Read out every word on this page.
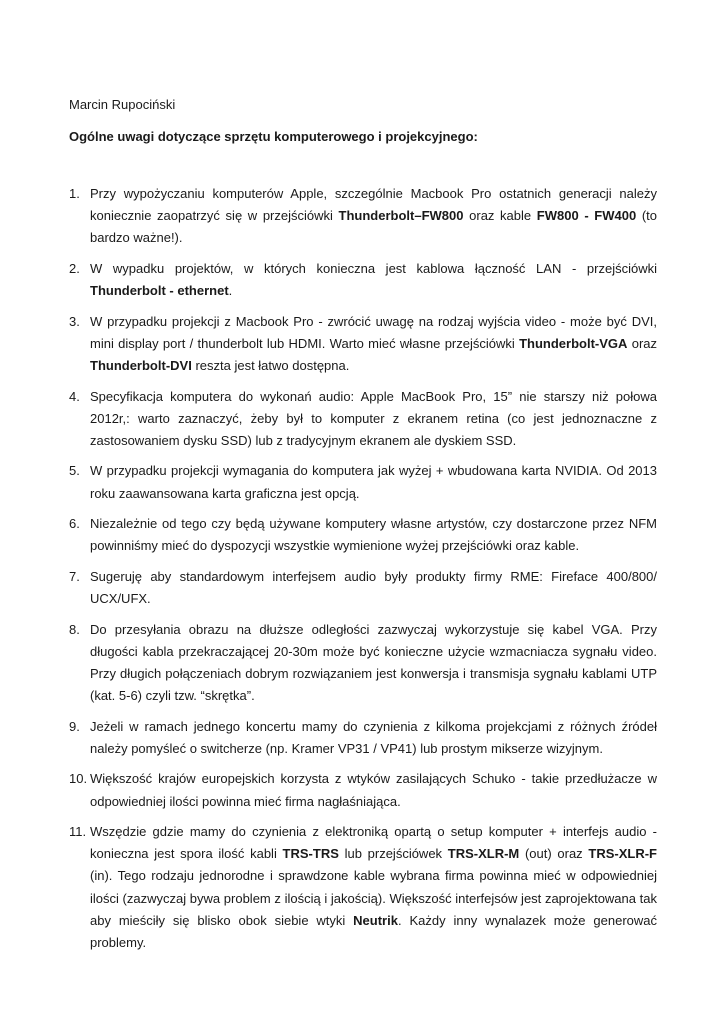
Marcin Rupociński

Ogólne uwagi dotyczące sprzętu komputerowego i projekcyjnego:

1. Przy wypożyczaniu komputerów Apple, szczególnie Macbook Pro ostatnich generacji należy koniecznie zaopatrzyć się w przejściówki Thunderbolt–FW800 oraz kable FW800 - FW400 (to bardzo ważne!).
2. W wypadku projektów, w których konieczna jest kablowa łączność LAN - przejściówki Thunderbolt - ethernet.
3. W przypadku projekcji z Macbook Pro - zwrócić uwagę na rodzaj wyjścia video - może być DVI, mini display port / thunderbolt lub HDMI. Warto mieć własne przejściówki Thunderbolt-VGA oraz Thunderbolt-DVI reszta jest łatwo dostępna.
4. Specyfikacja komputera do wykonań audio: Apple MacBook Pro, 15” nie starszy niż połowa 2012r,: warto zaznaczyć, żeby był to komputer z ekranem retina (co jest jednoznaczne z zastosowaniem dysku SSD) lub z tradycyjnym ekranem ale dyskiem SSD.
5. W przypadku projekcji wymagania do komputera jak wyżej + wbudowana karta NVIDIA. Od 2013 roku zaawansowana karta graficzna jest opcją.
6. Niezależnie od tego czy będą używane komputery własne artystów, czy dostarczone przez NFM powinniśmy mieć do dyspozycji wszystkie wymienione wyżej przejściówki oraz kable.
7. Sugeruję aby standardowym interfejsem audio były produkty firmy RME: Fireface 400/800/ UCX/UFX.
8. Do przesyłania obrazu na dłuższe odległości zazwyczaj wykorzystuje się kabel VGA. Przy długości kabla przekraczającej 20-30m może być konieczne użycie wzmacniacza sygnału video. Przy długich połączeniach dobrym rozwiązaniem jest konwersja i transmisja sygnału kablami UTP (kat. 5-6) czyli tzw. “skrętka”.
9. Jeżeli w ramach jednego koncertu mamy do czynienia z kilkoma projekcjami z różnych źródeł należy pomyśleć o switcherze (np. Kramer VP31 / VP41) lub prostym mikserze wizyjnym.
10. Większość krajów europejskich korzysta z wtyków zasilających Schuko - takie przedłużacze w odpowiedniej ilości powinna mieć firma nagłaśniająca.
11. Wszędzie gdzie mamy do czynienia z elektroniką opartą o setup komputer + interfejs audio - konieczna jest spora ilość kabli TRS-TRS lub przejściówek TRS-XLR-M (out) oraz TRS-XLR-F (in). Tego rodzaju jednorodne i sprawdzone kable wybrana firma powinna mieć w odpowiedniej ilości (zazwyczaj bywa problem z ilością i jakością). Większość interfejsów jest zaprojektowana tak aby mieściły się blisko obok siebie wtyki Neutrik. Każdy inny wynalazek może generować problemy.
